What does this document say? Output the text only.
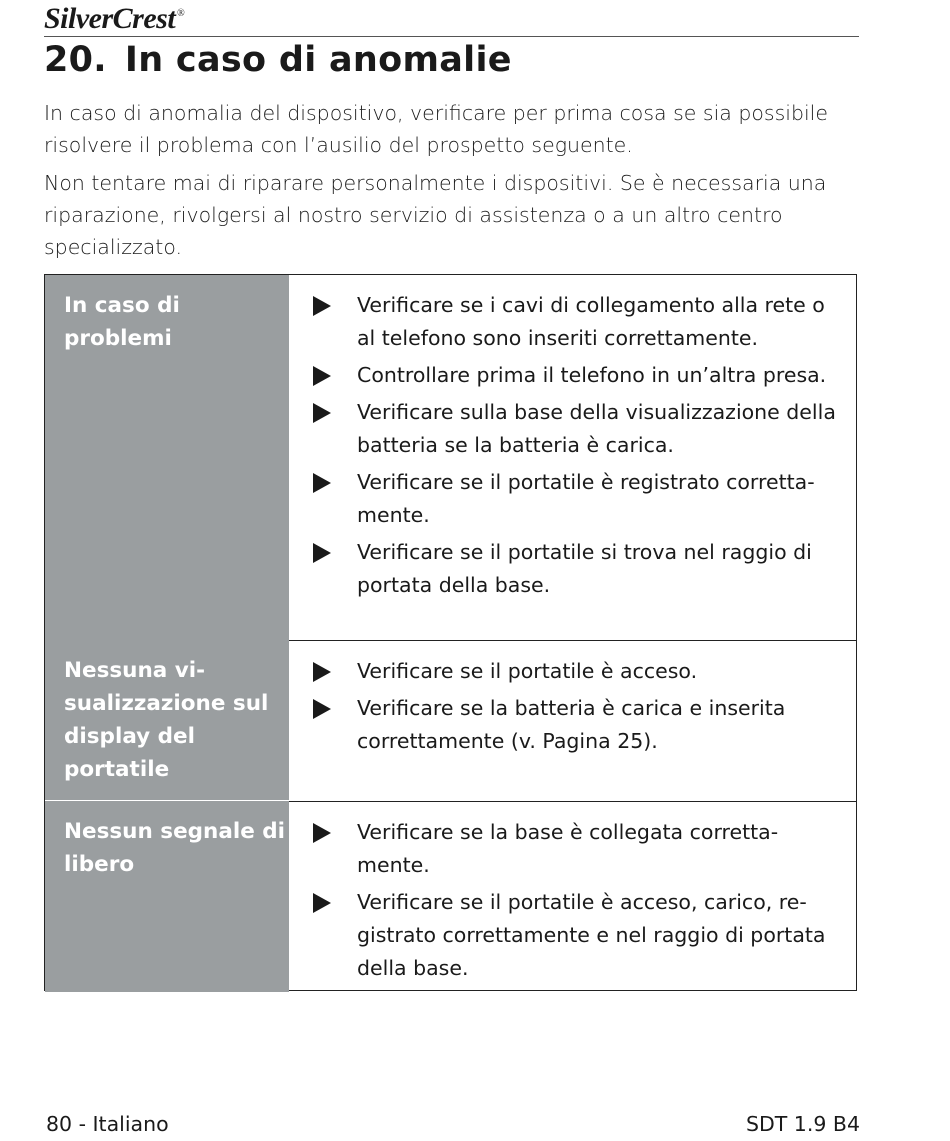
SilverCrest ®
20. In caso di anomalie

In caso di anomalia del dispositivo, verificare per prima cosa se sia possibile risolvere il problema con l’ausilio del prospetto seguente.

Non tentare mai di riparare personalmente i dispositivi. Se è necessaria una riparazione, rivolgersi al nostro servizio di assistenza o a un altro centro specializzato.

In caso di problemi
Verificare se i cavi di collegamento alla rete o al telefono sono inseriti correttamente.
Controllare prima il telefono in un’altra presa.
Verificare sulla base della visualizzazione della batteria se la batteria è carica.
Verificare se il portatile è registrato corretta-mente.
Verificare se il portatile si trova nel raggio di portata della base.
Nessuna vi-sualizzazione sul display del portatile
Verificare se il portatile è acceso.
Verificare se la batteria è carica e inserita correttamente (v. Pagina 25).
Nessun segnale di libero
Verificare se la base è collegata corretta-mente.
Verificare se il portatile è acceso, carico, re-gistrato correttamente e nel raggio di portata della base.
80 - Italiano	SDT 1.9 B4
